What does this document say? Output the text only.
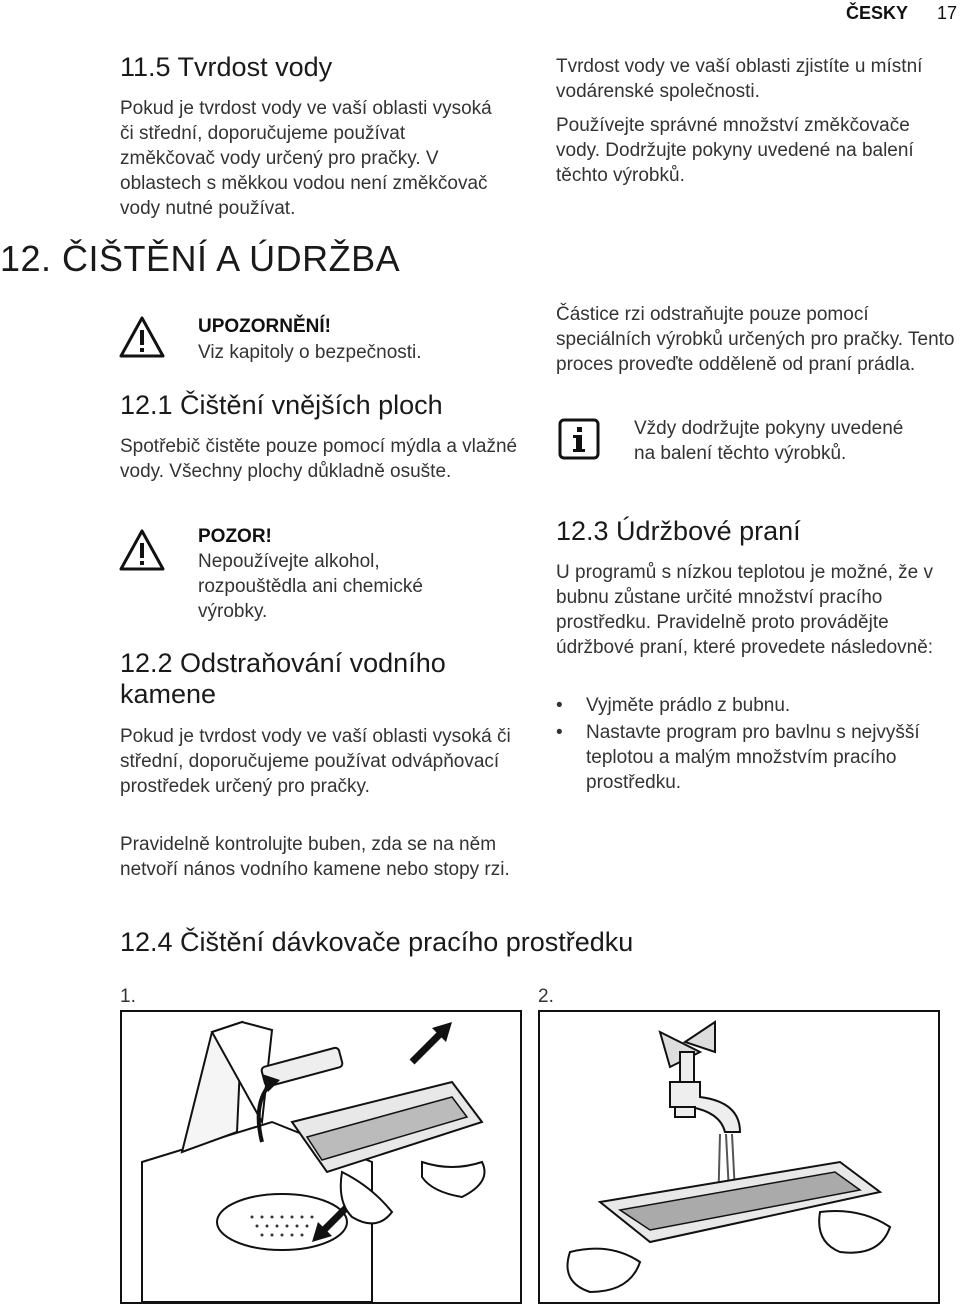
ČESKY 17
11.5 Tvrdost vody

Pokud je tvrdost vody ve vaší oblasti vysoká či střední, doporučujeme používat změkčovač vody určený pro pračky. V oblastech s měkkou vodou není změkčovač vody nutné používat.

Tvrdost vody ve vaší oblasti zjistíte u místní vodárenské společnosti.

Používejte správné množství změkčovače vody. Dodržujte pokyny uvedené na balení těchto výrobků.

12. ČIŠTĚNÍ A ÚDRŽBA
UPOZORNĚNÍ!
Viz kapitoly o bezpečnosti.
12.1 Čištění vnějších ploch

Spotřebič čistěte pouze pomocí mýdla a vlažné vody. Všechny plochy důkladně osušte.

POZOR!

Nepoužívejte alkohol, rozpouštědla ani chemické výrobky.

12.2 Odstraňování vodního kamene

Pokud je tvrdost vody ve vaší oblasti vysoká či střední, doporučujeme používat odvápňovací prostředek určený pro pračky.

Pravidelně kontrolujte buben, zda se na něm netvoří nános vodního kamene nebo stopy rzi.

Částice rzi odstraňujte pouze pomocí speciálních výrobků určených pro pračky. Tento proces proveďte odděleně od praní prádla.

Vždy dodržujte pokyny uvedené na balení těchto výrobků.

12.3 Údržbové praní

U programů s nízkou teplotou je možné, že v bubnu zůstane určité množství pracího prostředku. Pravidelně proto provádějte údržbové praní, které provedete následovně:

• Vyjměte prádlo z bubnu.
• Nastavte program pro bavlnu s nejvyšší teplotou a malým množstvím pracího prostředku.
12.4 Čištění dávkovače pracího prostředku
1.	2.
